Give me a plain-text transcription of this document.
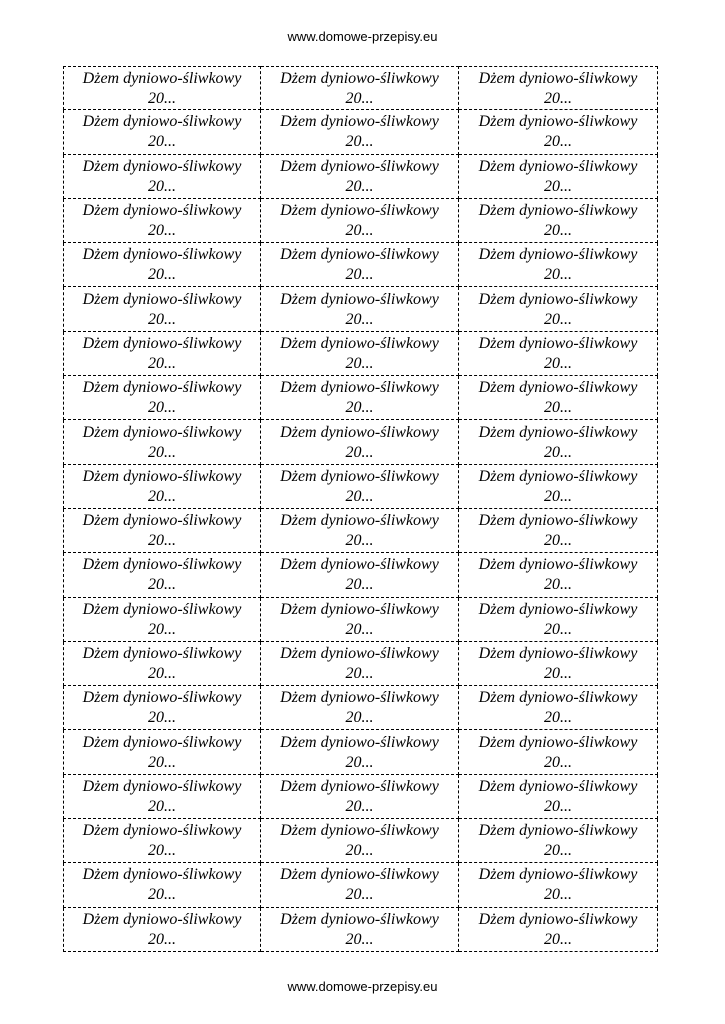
www.domowe-przepisy.eu
Dżem dyniowo-śliwkowy
20...
Dżem dyniowo-śliwkowy
20...
Dżem dyniowo-śliwkowy
20...
Dżem dyniowo-śliwkowy
20...
Dżem dyniowo-śliwkowy
20...
Dżem dyniowo-śliwkowy
20...
Dżem dyniowo-śliwkowy
20...
Dżem dyniowo-śliwkowy
20...
Dżem dyniowo-śliwkowy
20...
Dżem dyniowo-śliwkowy
20...
Dżem dyniowo-śliwkowy
20...
Dżem dyniowo-śliwkowy
20...
Dżem dyniowo-śliwkowy
20...
Dżem dyniowo-śliwkowy
20...
Dżem dyniowo-śliwkowy
20...
Dżem dyniowo-śliwkowy
20...
Dżem dyniowo-śliwkowy
20...
Dżem dyniowo-śliwkowy
20...
Dżem dyniowo-śliwkowy
20...
Dżem dyniowo-śliwkowy
20...
Dżem dyniowo-śliwkowy
20...
Dżem dyniowo-śliwkowy
20...
Dżem dyniowo-śliwkowy
20...
Dżem dyniowo-śliwkowy
20...
Dżem dyniowo-śliwkowy
20...
Dżem dyniowo-śliwkowy
20...
Dżem dyniowo-śliwkowy
20...
Dżem dyniowo-śliwkowy
20...
Dżem dyniowo-śliwkowy
20...
Dżem dyniowo-śliwkowy
20...
Dżem dyniowo-śliwkowy
20...
Dżem dyniowo-śliwkowy
20...
Dżem dyniowo-śliwkowy
20...
Dżem dyniowo-śliwkowy
20...
Dżem dyniowo-śliwkowy
20...
Dżem dyniowo-śliwkowy
20...
Dżem dyniowo-śliwkowy
20...
Dżem dyniowo-śliwkowy
20...
Dżem dyniowo-śliwkowy
20...
Dżem dyniowo-śliwkowy
20...
Dżem dyniowo-śliwkowy
20...
Dżem dyniowo-śliwkowy
20...
Dżem dyniowo-śliwkowy
20...
Dżem dyniowo-śliwkowy
20...
Dżem dyniowo-śliwkowy
20...
Dżem dyniowo-śliwkowy
20...
Dżem dyniowo-śliwkowy
20...
Dżem dyniowo-śliwkowy
20...
Dżem dyniowo-śliwkowy
20...
Dżem dyniowo-śliwkowy
20...
Dżem dyniowo-śliwkowy
20...
Dżem dyniowo-śliwkowy
20...
Dżem dyniowo-śliwkowy
20...
Dżem dyniowo-śliwkowy
20...
Dżem dyniowo-śliwkowy
20...
Dżem dyniowo-śliwkowy
20...
Dżem dyniowo-śliwkowy
20...
Dżem dyniowo-śliwkowy
20...
Dżem dyniowo-śliwkowy
20...
Dżem dyniowo-śliwkowy
20...
www.domowe-przepisy.eu
